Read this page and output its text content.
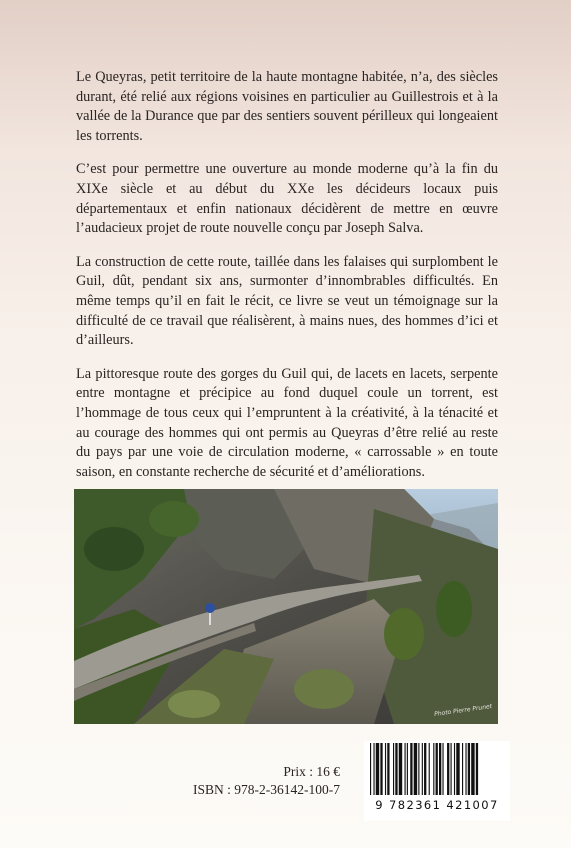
Le Queyras, petit territoire de la haute montagne habitée, n’a, des siècles durant, été relié aux régions voisines en particulier au Guillestrois et à la vallée de la Durance que par des sentiers souvent périlleux qui longeaient les torrents.

C’est pour permettre une ouverture au monde moderne qu’à la fin du XIXe siècle et au début du XXe les décideurs locaux puis départementaux et enfin nationaux décidèrent de mettre en œuvre l’audacieux projet de route nouvelle conçu par Joseph Salva.

La construction de cette route, taillée dans les falaises qui surplombent le Guil, dût, pendant six ans, surmonter d’innombrables difficultés. En même temps qu’il en fait le récit, ce livre se veut un témoignage sur la difficulté de ce travail que réalisèrent, à mains nues, des hommes d’ici et d’ailleurs.

La pittoresque route des gorges du Guil qui, de lacets en lacets, serpente entre montagne et précipice au fond duquel coule un torrent, est l’hommage de tous ceux qui l’empruntent à la créativité, à la ténacité et au courage des hommes qui ont permis au Queyras d’être relié au reste du pays par une voie de circulation moderne, « carrossable » en toute saison, en constante recherche de sécurité et d’améliorations.

Photo Pierre Prunet
Prix : 16 €
ISBN : 978-2-36142-100-7
9 782361 421007
